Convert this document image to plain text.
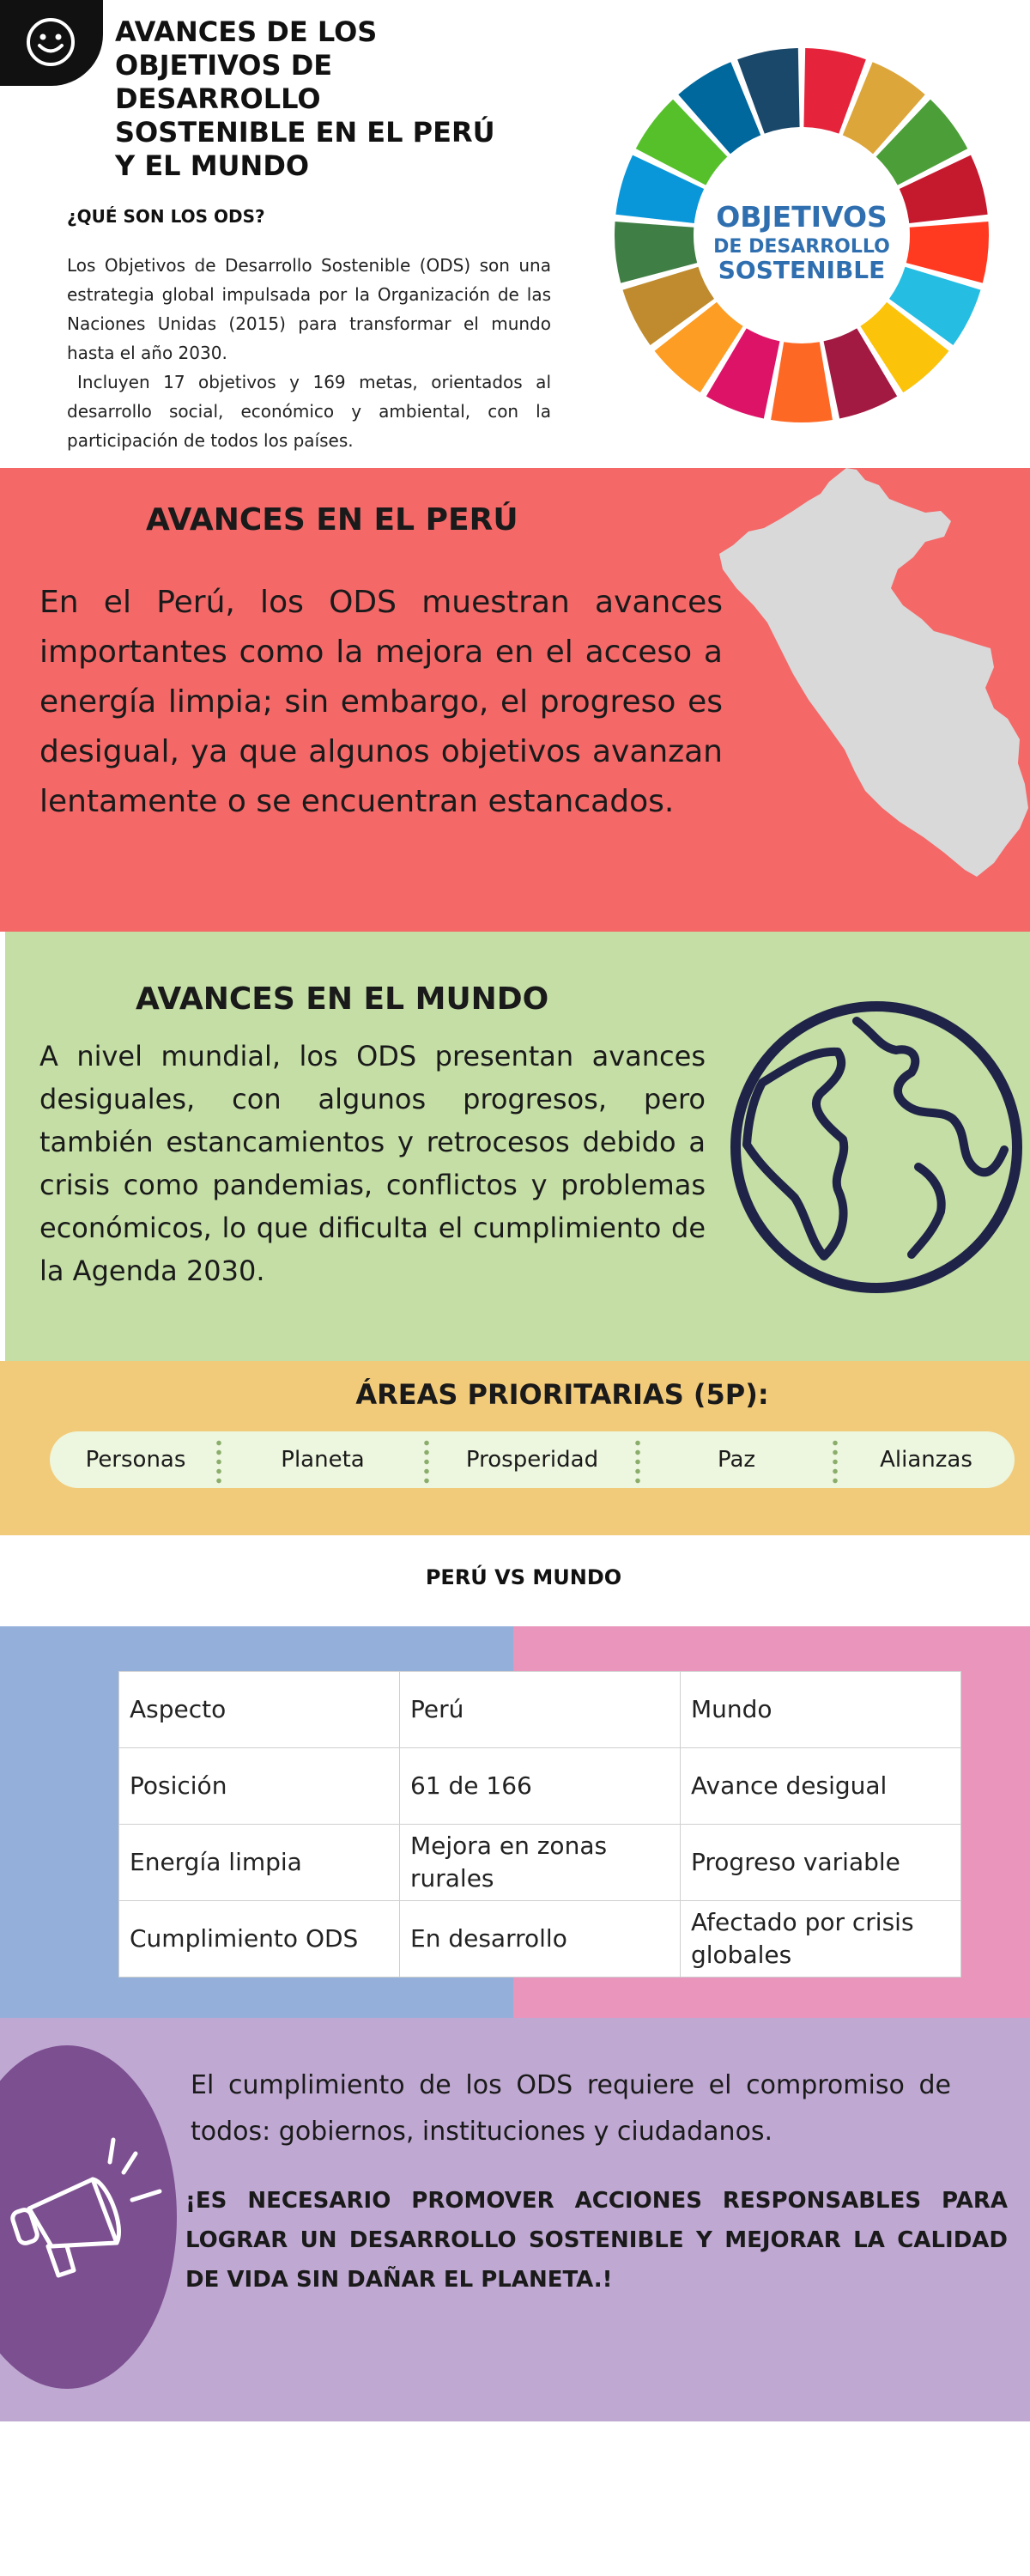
AVANCES DE LOS OBJETIVOS DE DESARROLLO SOSTENIBLE EN EL PERÚ Y EL MUNDO
¿QUÉ SON LOS ODS?

Los Objetivos de Desarrollo Sostenible (ODS) son una estrategia global impulsada por la Organización de las Naciones Unidas (2015) para transformar el mundo hasta el año 2030.

Incluyen 17 objetivos y 169 metas, orientados al desarrollo social, económico y ambiental, con la participación de todos los países.

OBJETIVOS
DE DESARROLLO
SOSTENIBLE
AVANCES EN EL PERÚ

En el Perú, los ODS muestran avances importantes como la mejora en el acceso a energía limpia; sin embargo, el progreso es desigual, ya que algunos objetivos avanzan lentamente o se encuentran estancados.

AVANCES EN EL MUNDO

A nivel mundial, los ODS presentan avances desiguales, con algunos progresos, pero también estancamientos y retrocesos debido a crisis como pandemias, conflictos y problemas económicos, lo que dificulta el cumplimiento de la Agenda 2030.

ÁREAS PRIORITARIAS (5P):
Personas	Planeta	Prosperidad	Paz	Alianzas
PERÚ VS MUNDO
Aspecto	Perú	Mundo
Posición	61 de 166	Avance desigual
Energía limpia	Mejora en zonas rurales	Progreso variable
Cumplimiento ODS	En desarrollo	Afectado por crisis globales

El cumplimiento de los ODS requiere el compromiso de todos: gobiernos, instituciones y ciudadanos.

¡ES NECESARIO PROMOVER ACCIONES RESPONSABLES PARA LOGRAR UN DESARROLLO SOSTENIBLE Y MEJORAR LA CALIDAD DE VIDA SIN DAÑAR EL PLANETA.!
